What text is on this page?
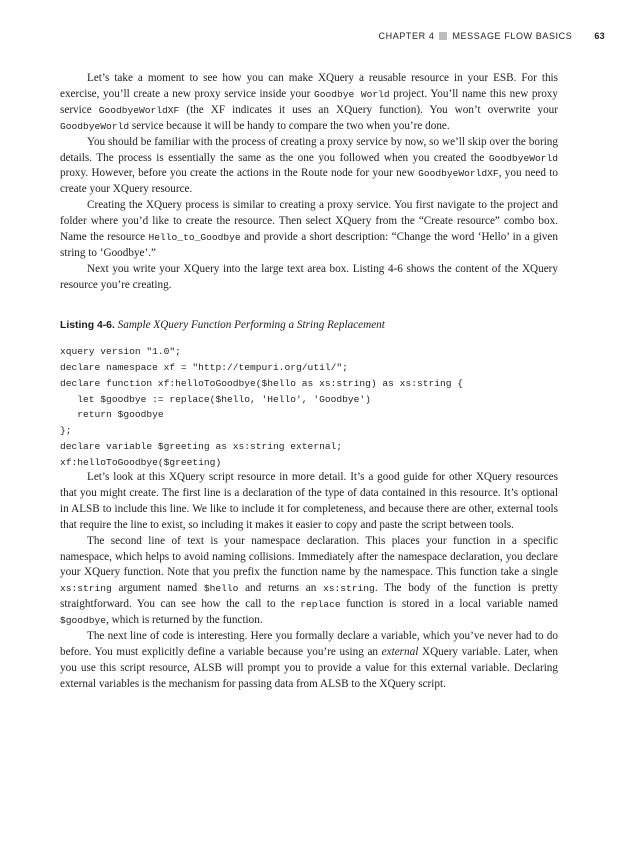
CHAPTER 4 MESSAGE FLOW BASICS 63

Let’s take a moment to see how you can make XQuery a reusable resource in your ESB. For this exercise, you’ll create a new proxy service inside your Goodbye World project. You’ll name this new proxy service GoodbyeWorldXF (the XF indicates it uses an XQuery function). You won’t overwrite your GoodbyeWorld service because it will be handy to compare the two when you’re done.

You should be familiar with the process of creating a proxy service by now, so we’ll skip over the boring details. The process is essentially the same as the one you followed when you created the GoodbyeWorld proxy. However, before you create the actions in the Route node for your new GoodbyeWorldXF, you need to create your XQuery resource.

Creating the XQuery process is similar to creating a proxy service. You first navigate to the project and folder where you’d like to create the resource. Then select XQuery from the “Create resource” combo box. Name the resource Hello_to_Goodbye and provide a short description: “Change the word ‘Hello’ in a given string to ‘Goodbye’.”

Next you write your XQuery into the large text area box. Listing 4-6 shows the content of the XQuery resource you’re creating.

Listing 4-6. Sample XQuery Function Performing a String Replacement
xquery version "1.0";
declare namespace xf = "http://tempuri.org/util/";
declare function xf:helloToGoodbye($hello as xs:string) as xs:string {
let $goodbye := replace($hello, 'Hello', 'Goodbye')
return $goodbye
};
declare variable $greeting as xs:string external;
xf:helloToGoodbye($greeting)

Let’s look at this XQuery script resource in more detail. It’s a good guide for other XQuery resources that you might create. The first line is a declaration of the type of data contained in this resource. It’s optional in ALSB to include this line. We like to include it for completeness, and because there are other, external tools that require the line to exist, so including it makes it easier to copy and paste the script between tools.

The second line of text is your namespace declaration. This places your function in a specific namespace, which helps to avoid naming collisions. Immediately after the namespace declaration, you declare your XQuery function. Note that you prefix the function name by the namespace. This function take a single xs:string argument named $hello and returns an xs:string. The body of the function is pretty straightforward. You can see how the call to the replace function is stored in a local variable named $goodbye, which is returned by the function.

The next line of code is interesting. Here you formally declare a variable, which you’ve never had to do before. You must explicitly define a variable because you’re using an external XQuery variable. Later, when you use this script resource, ALSB will prompt you to provide a value for this external variable. Declaring external variables is the mechanism for passing data from ALSB to the XQuery script.
